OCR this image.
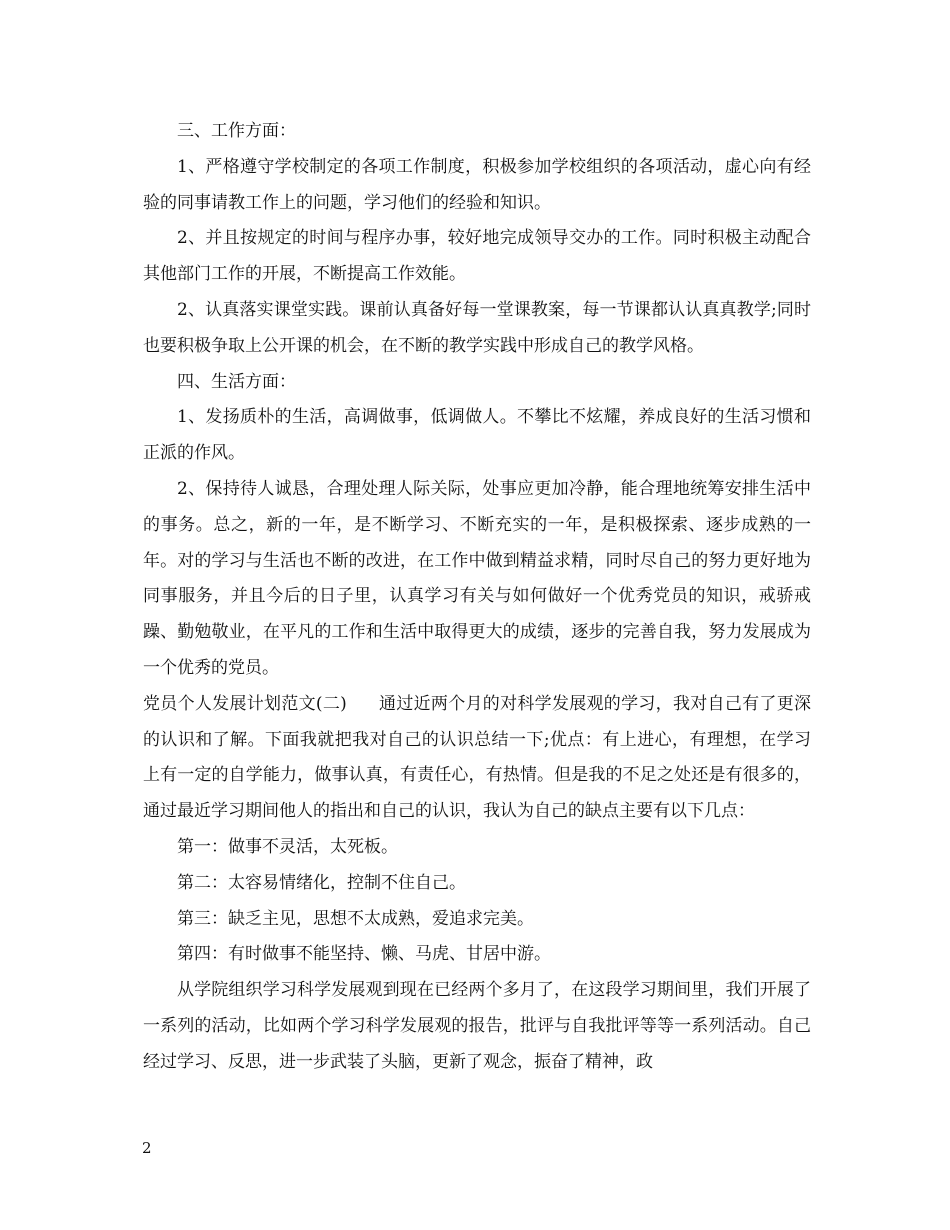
三、工作方面：

1、严格遵守学校制定的各项工作制度，积极参加学校组织的各项活动，虚心向有经验的同事请教工作上的问题，学习他们的经验和知识。

2、并且按规定的时间与程序办事，较好地完成领导交办的工作。同时积极主动配合其他部门工作的开展，不断提高工作效能。

2、认真落实课堂实践。课前认真备好每一堂课教案，每一节课都认认真真教学;同时也要积极争取上公开课的机会，在不断的教学实践中形成自己的教学风格。

四、生活方面：

1、发扬质朴的生活，高调做事，低调做人。不攀比不炫耀，养成良好的生活习惯和正派的作风。

2、保持待人诚恳，合理处理人际关际，处事应更加冷静，能合理地统筹安排生活中的事务。总之，新的一年，是不断学习、不断充实的一年，是积极探索、逐步成熟的一年。对的学习与生活也不断的改进，在工作中做到精益求精，同时尽自己的努力更好地为同事服务，并且今后的日子里，认真学习有关与如何做好一个优秀党员的知识，戒骄戒躁、勤勉敬业，在平凡的工作和生活中取得更大的成绩，逐步的完善自我，努力发展成为一个优秀的党员。

党员个人发展计划范文(二) 通过近两个月的对科学发展观的学习，我对自己有了更深的认识和了解。下面我就把我对自己的认识总结一下;优点：有上进心，有理想，在学习上有一定的自学能力，做事认真，有责任心，有热情。但是我的不足之处还是有很多的，通过最近学习期间他人的指出和自己的认识，我认为自己的缺点主要有以下几点：

第一：做事不灵活，太死板。

第二：太容易情绪化，控制不住自己。

第三：缺乏主见，思想不太成熟，爱追求完美。

第四：有时做事不能坚持、懒、马虎、甘居中游。

从学院组织学习科学发展观到现在已经两个多月了，在这段学习期间里，我们开展了一系列的活动，比如两个学习科学发展观的报告，批评与自我批评等等一系列活动。自己经过学习、反思，进一步武装了头脑，更新了观念，振奋了精神，政

2
